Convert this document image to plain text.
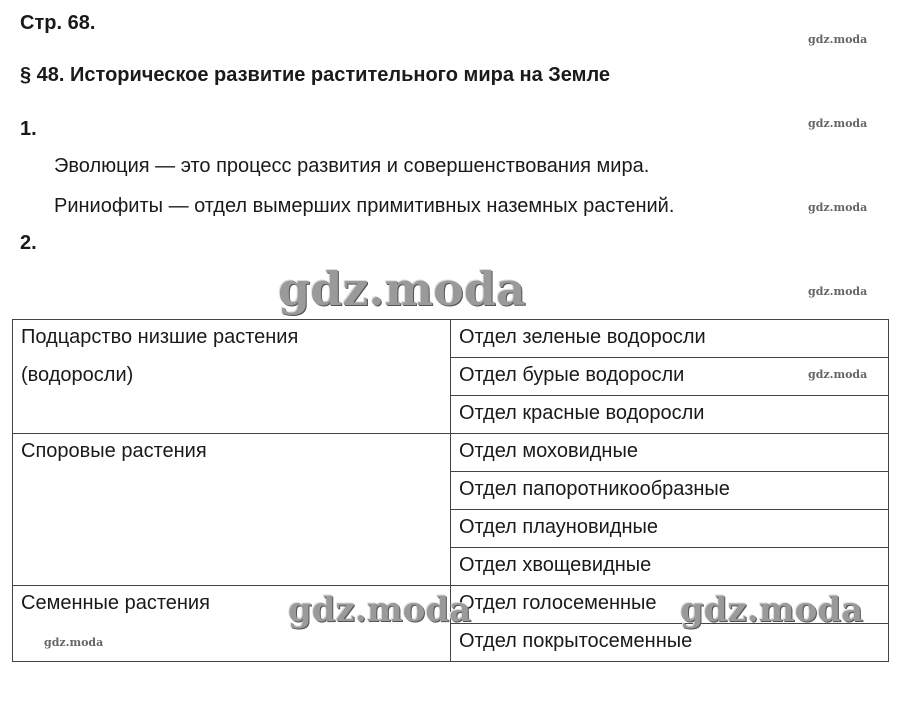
Стр. 68.
gdz.moda
§ 48. Историческое развитие растительного мира на Земле
1.	gdz.moda
Эволюция — это процесс развития и совершенствования мира.
Риниофиты — отдел вымерших примитивных наземных растений.	gdz.moda
2.
gdz.moda	gdz.moda
Подцарство низшие растения
(водоросли)	Отдел зеленые водоросли
	Отдел бурые водоросли
	Отдел красные водоросли
Споровые растения	Отдел моховидные
	Отдел папоротникообразные
	Отдел плауновидные
	Отдел хвощевидные
Семенные растения	Отдел голосеменные
	Отдел покрытосеменные
gdz.moda
gdz.moda	gdz.moda
gdz.moda
